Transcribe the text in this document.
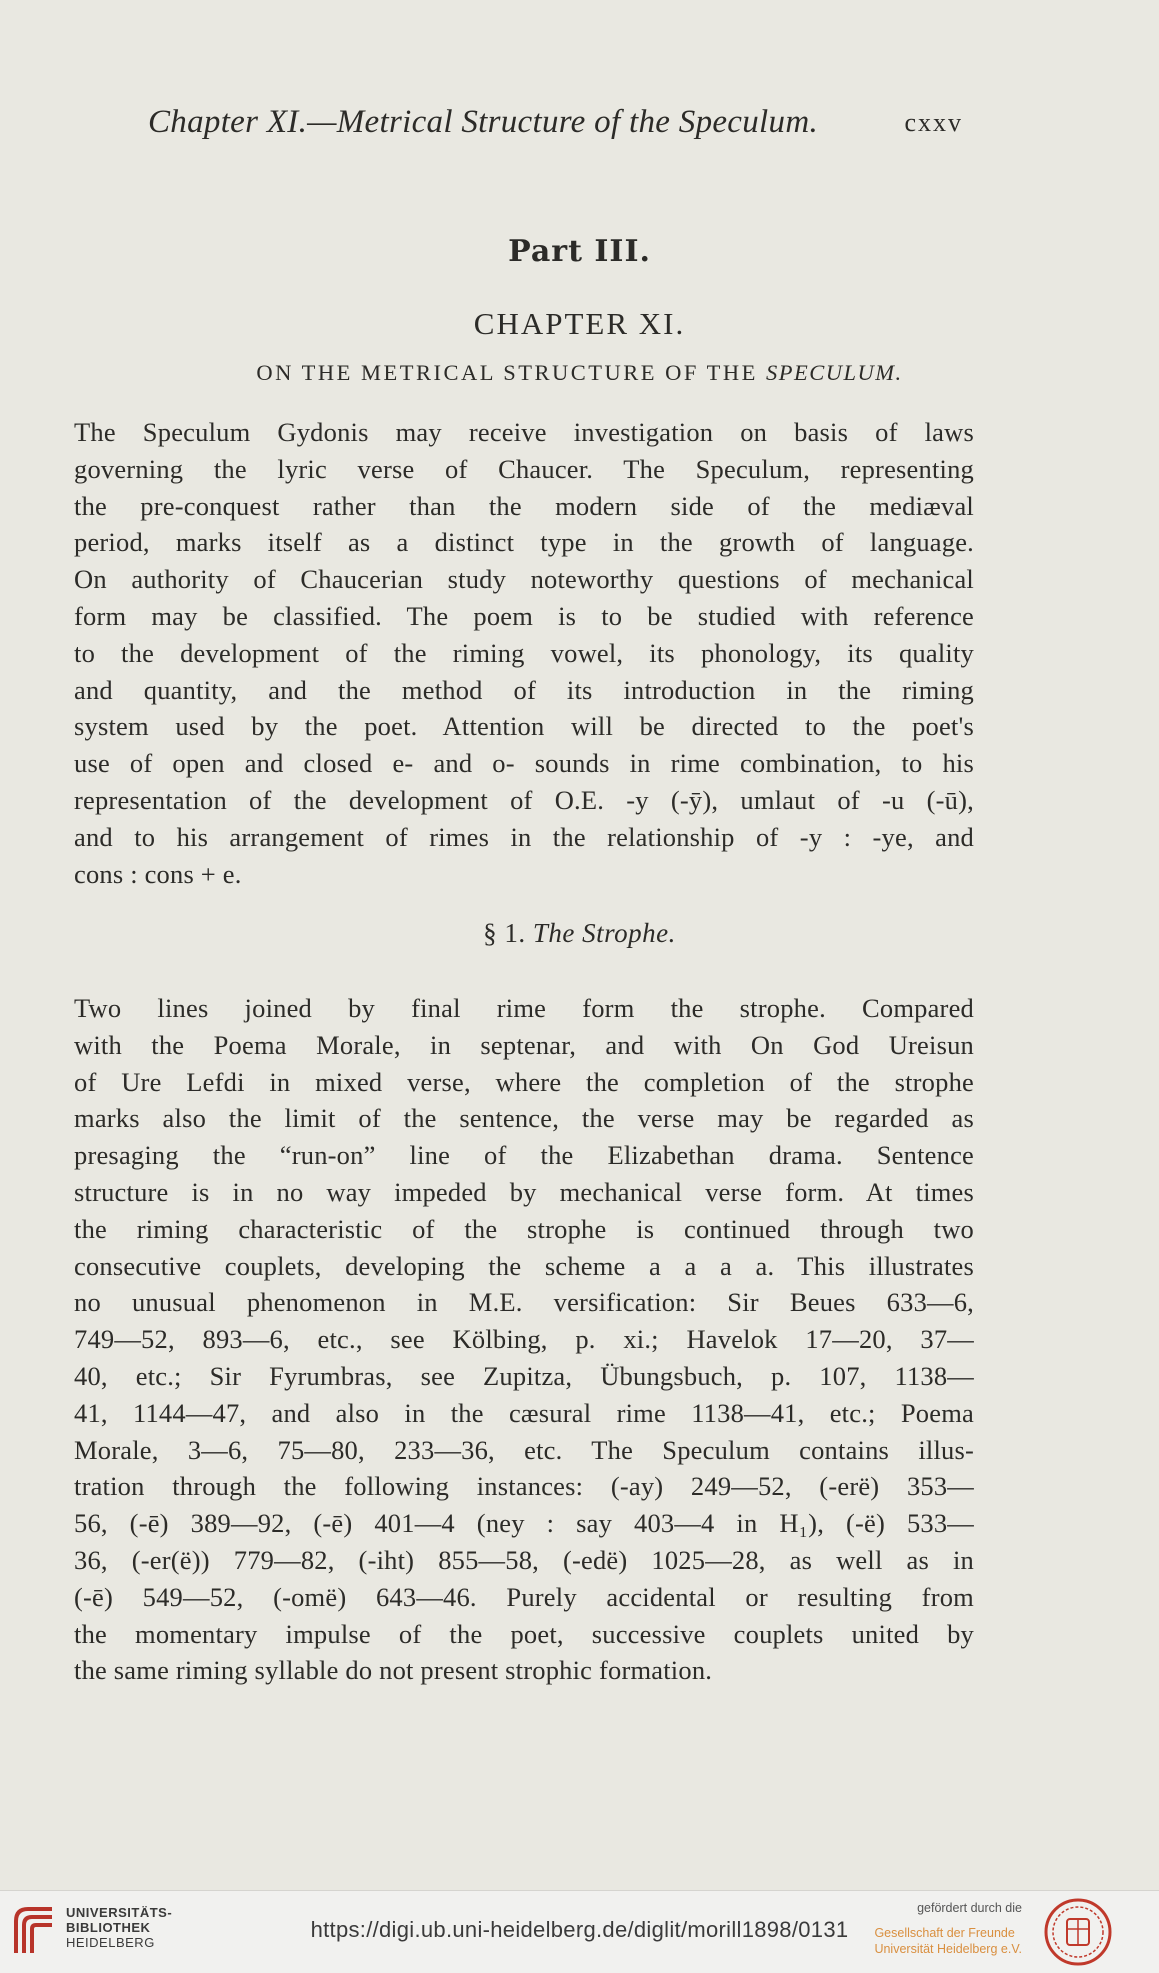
Chapter XI.—Metrical Structure of the Speculum.	cxxv
Part III.
CHAPTER XI.
ON THE METRICAL STRUCTURE OF THE SPECULUM.
The Speculum Gydonis may receive investigation on basis of laws
governing the lyric verse of Chaucer. The Speculum, representing
the pre-conquest rather than the modern side of the mediæval
period, marks itself as a distinct type in the growth of language.
On authority of Chaucerian study noteworthy questions of mechanical
form may be classified. The poem is to be studied with reference
to the development of the riming vowel, its phonology, its quality
and quantity, and the method of its introduction in the riming
system used by the poet. Attention will be directed to the poet's
use of open and closed e- and o- sounds in rime combination, to his
representation of the development of O.E. -y (-ȳ), umlaut of -u (-ū),
and to his arrangement of rimes in the relationship of -y : -ye, and
cons : cons + e.
§ 1. The Strophe.
Two lines joined by final rime form the strophe. Compared
with the Poema Morale, in septenar, and with On God Ureisun
of Ure Lefdi in mixed verse, where the completion of the strophe
marks also the limit of the sentence, the verse may be regarded as
presaging the “run-on” line of the Elizabethan drama. Sentence
structure is in no way impeded by mechanical verse form. At times
the riming characteristic of the strophe is continued through two
consecutive couplets, developing the scheme a a a a. This illustrates
no unusual phenomenon in M.E. versification: Sir Beues 633—6,
749—52, 893—6, etc., see Kölbing, p. xi.; Havelok 17—20, 37—
40, etc.; Sir Fyrumbras, see Zupitza, Übungsbuch, p. 107, 1138—
41, 1144—47, and also in the cæsural rime 1138—41, etc.; Poema
Morale, 3—6, 75—80, 233—36, etc. The Speculum contains illus-
tration through the following instances: (-ay) 249—52, (-erë) 353—
56, (-ē) 389—92, (-ē) 401—4 (ney : say 403—4 in H₁), (-ë) 533—
36, (-er(ë)) 779—82, (-iht) 855—58, (-edë) 1025—28, as well as in
(-ē) 549—52, (-omë) 643—46. Purely accidental or resulting from
the momentary impulse of the poet, successive couplets united by
the same riming syllable do not present strophic formation.
UNIVERSITÄTS-
BIBLIOTHEK
HEIDELBERG
https://digi.ub.uni-heidelberg.de/diglit/morill1898/0131
gefördert durch die
Gesellschaft der Freunde
Universität Heidelberg e.V.
